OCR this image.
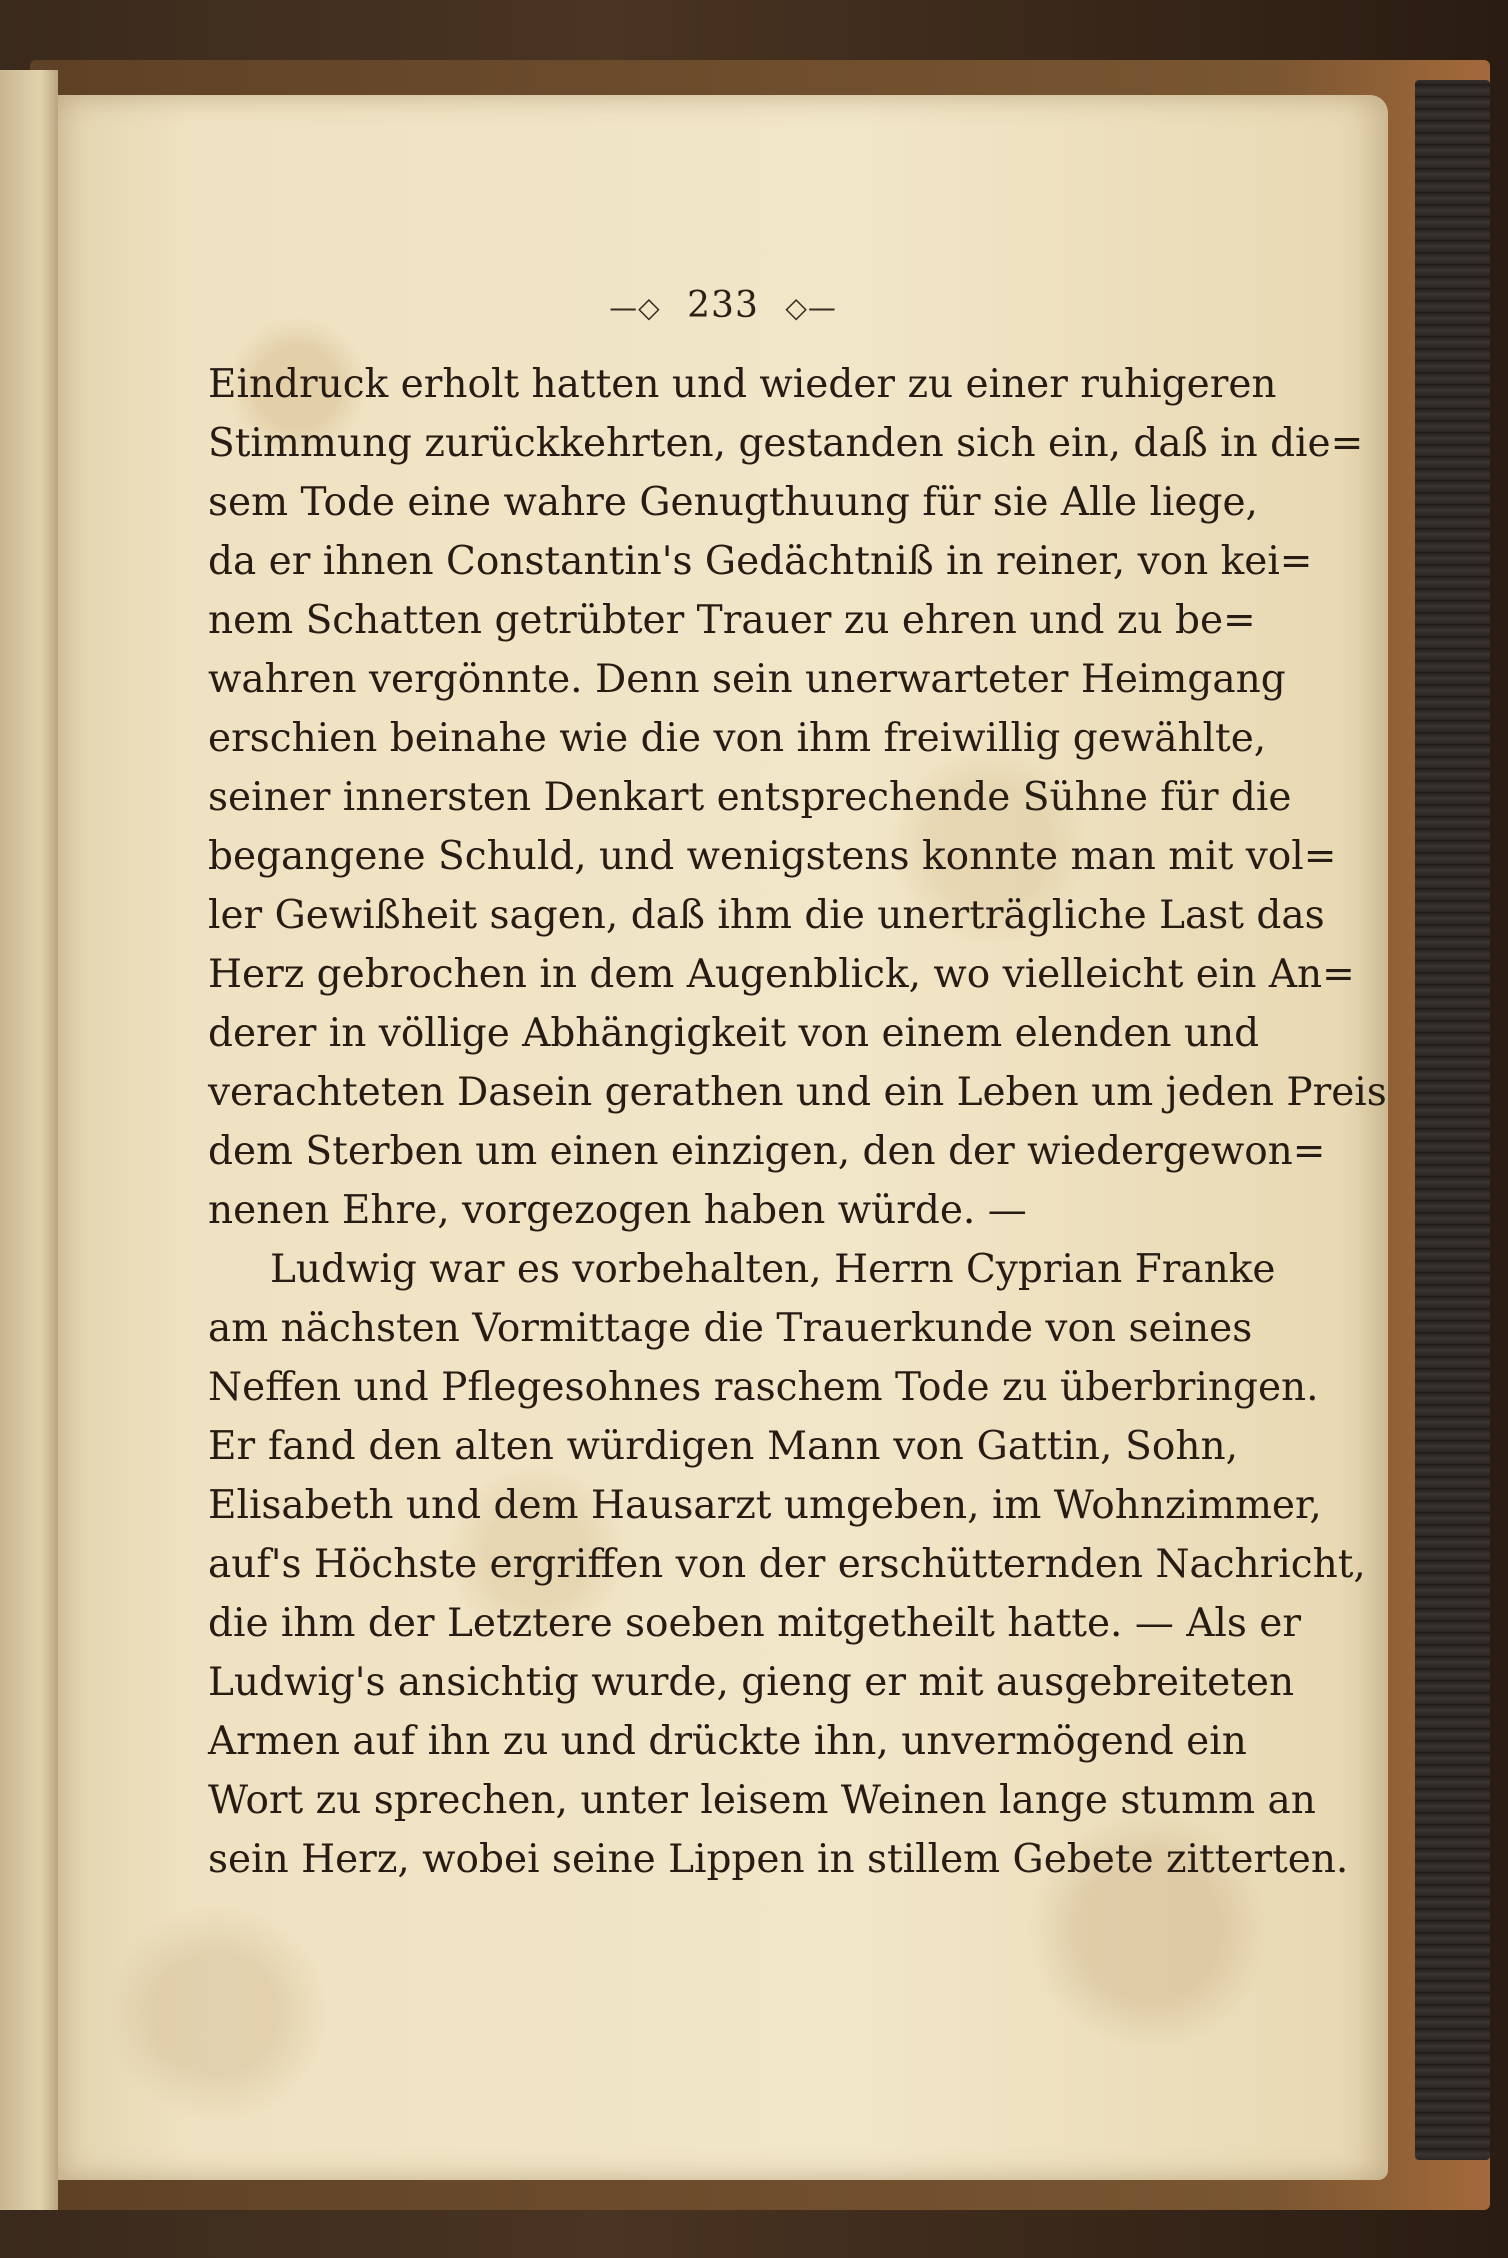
—◇ 233 ◇—
Eindruck erholt hatten und wieder zu einer ruhigeren
Stimmung zurückkehrten, gestanden sich ein, daß in die=
sem Tode eine wahre Genugthuung für sie Alle liege,
da er ihnen Constantin's Gedächtniß in reiner, von kei=
nem Schatten getrübter Trauer zu ehren und zu be=
wahren vergönnte. Denn sein unerwarteter Heimgang
erschien beinahe wie die von ihm freiwillig gewählte,
seiner innersten Denkart entsprechende Sühne für die
begangene Schuld, und wenigstens konnte man mit vol=
ler Gewißheit sagen, daß ihm die unerträgliche Last das
Herz gebrochen in dem Augenblick, wo vielleicht ein An=
derer in völlige Abhängigkeit von einem elenden und
verachteten Dasein gerathen und ein Leben um jeden Preis
dem Sterben um einen einzigen, den der wiedergewon=
nenen Ehre, vorgezogen haben würde. —
Ludwig war es vorbehalten, Herrn Cyprian Franke
am nächsten Vormittage die Trauerkunde von seines
Neffen und Pflegesohnes raschem Tode zu überbringen.
Er fand den alten würdigen Mann von Gattin, Sohn,
Elisabeth und dem Hausarzt umgeben, im Wohnzimmer,
auf's Höchste ergriffen von der erschütternden Nachricht,
die ihm der Letztere soeben mitgetheilt hatte. — Als er
Ludwig's ansichtig wurde, gieng er mit ausgebreiteten
Armen auf ihn zu und drückte ihn, unvermögend ein
Wort zu sprechen, unter leisem Weinen lange stumm an
sein Herz, wobei seine Lippen in stillem Gebete zitterten.
